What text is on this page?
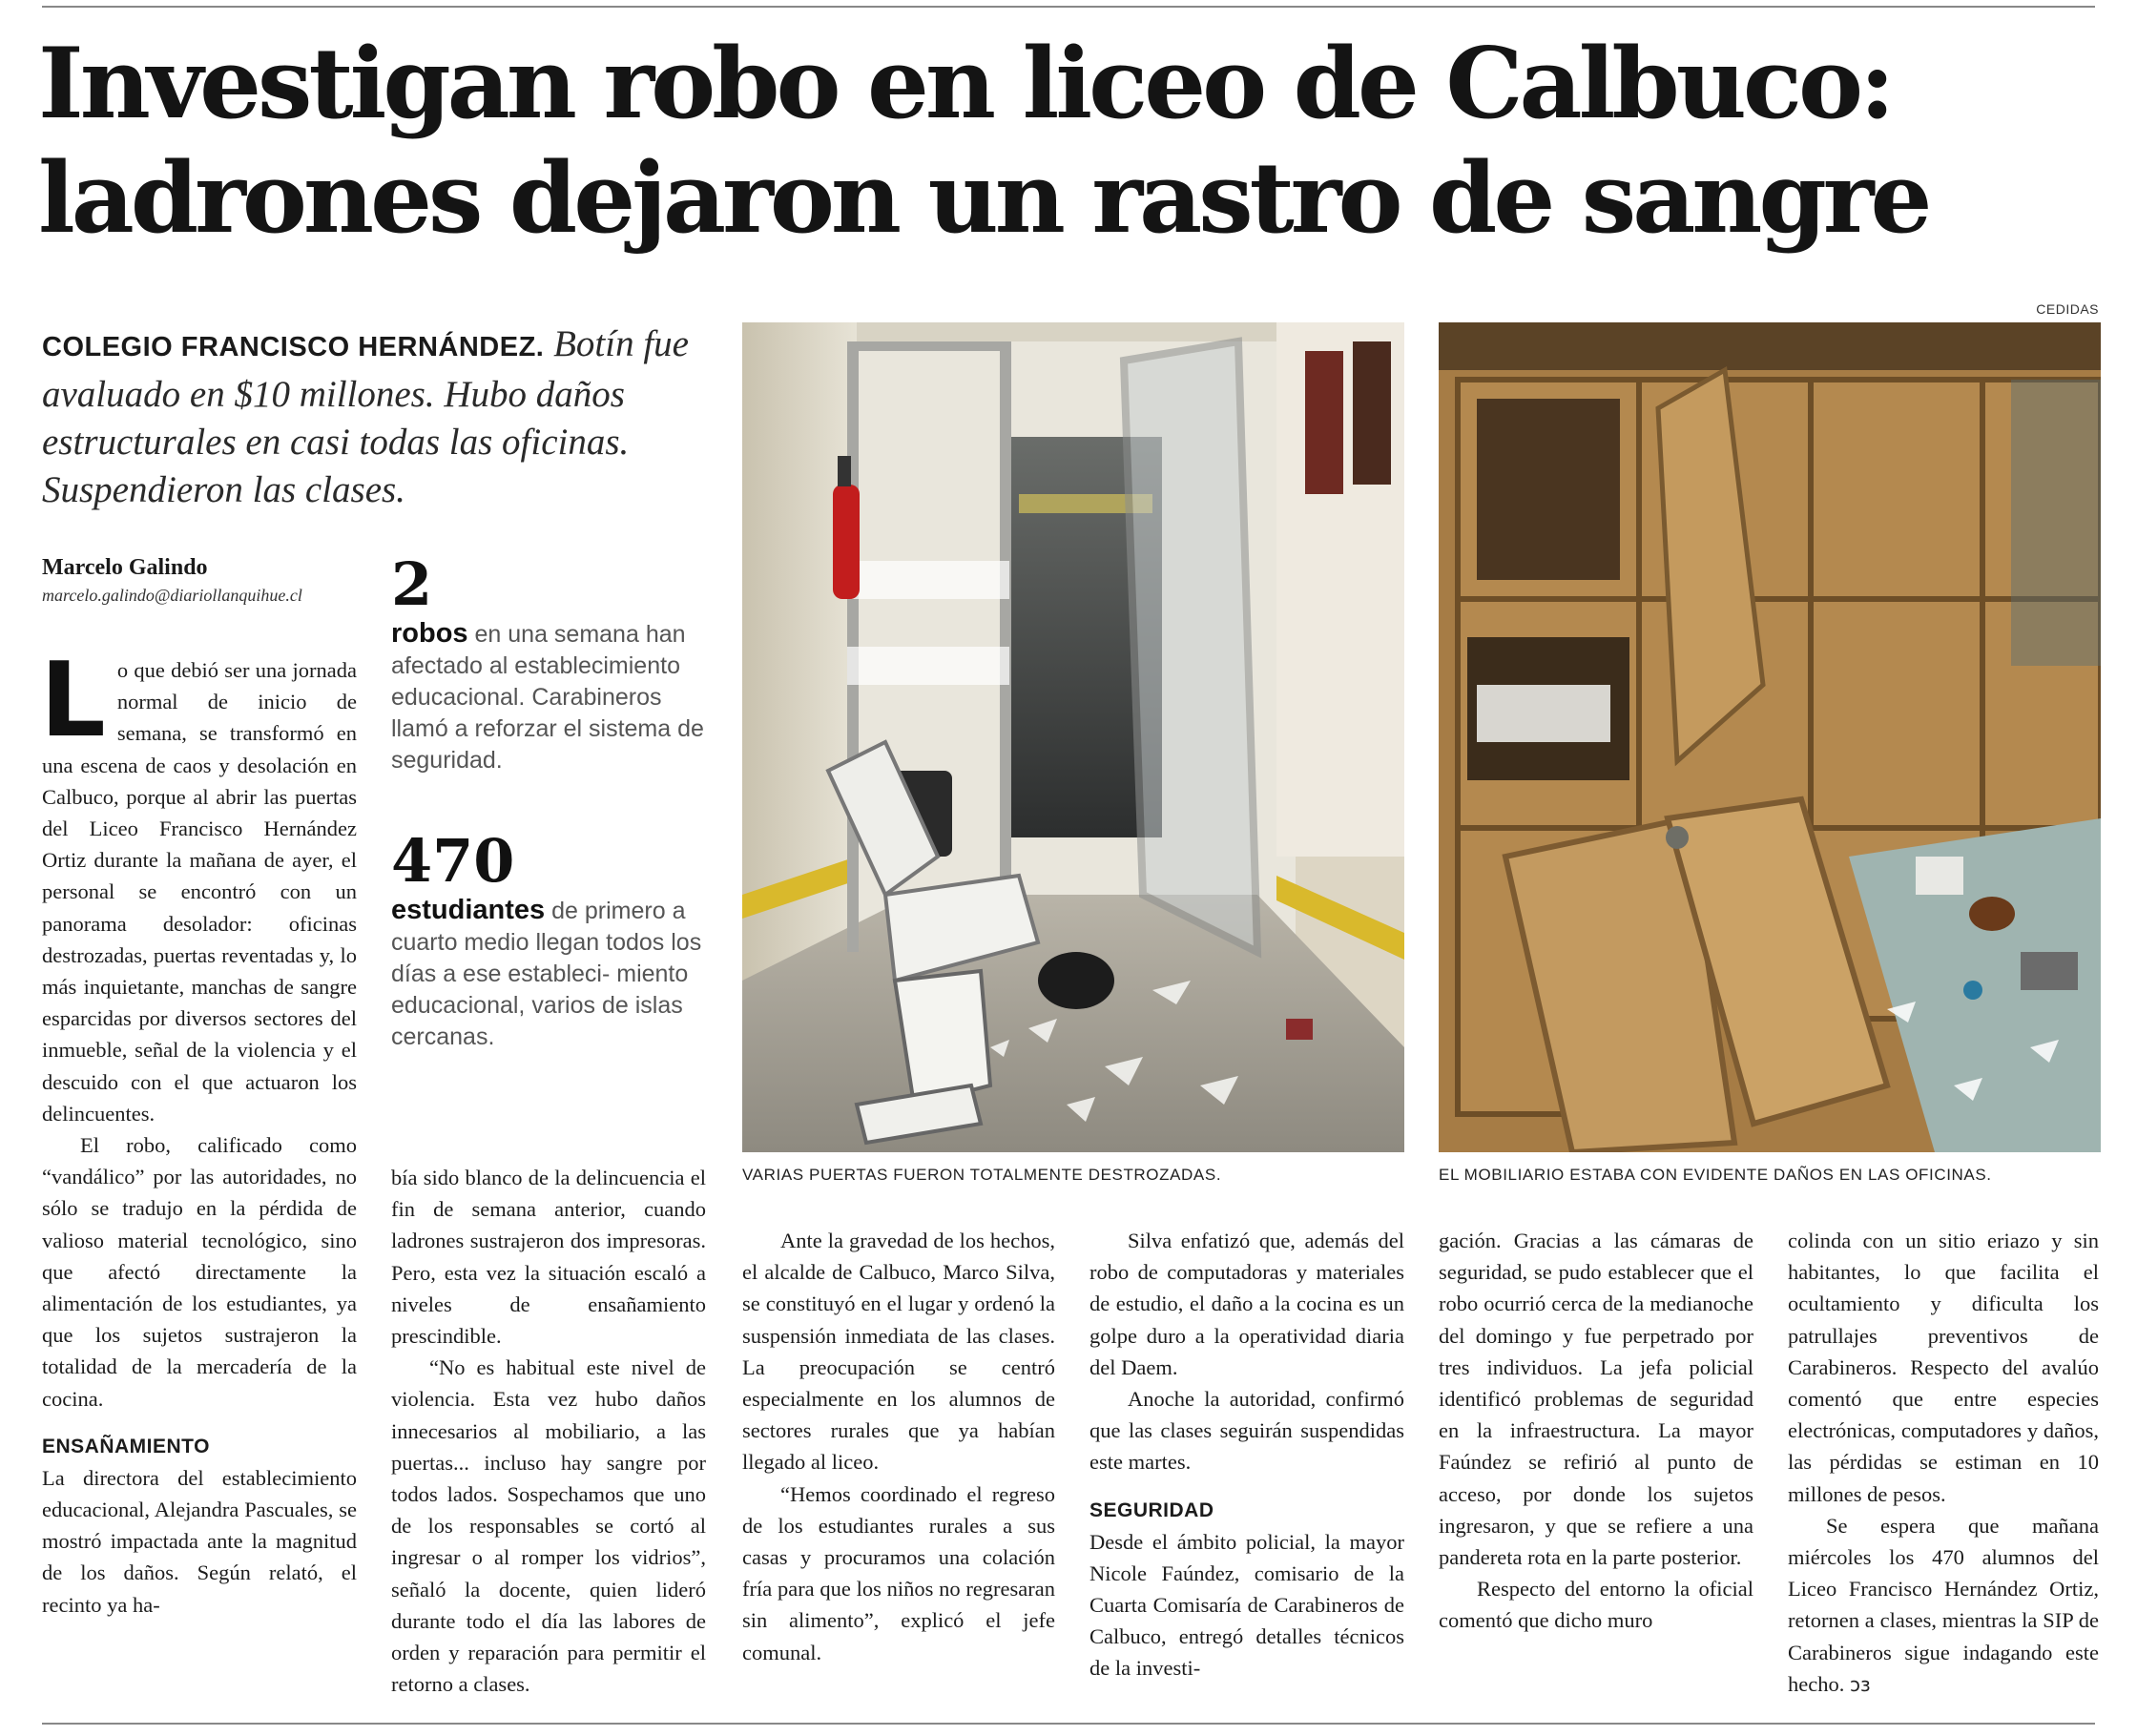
Investigan robo en liceo de Calbuco:
ladrones dejaron un rastro de sangre
CEDIDAS
COLEGIO FRANCISCO HERNÁNDEZ. Botín fue avaluado en $10 millones. Hubo daños estructurales en casi todas las oficinas. Suspendieron las clases.
Marcelo Galindo
marcelo.galindo@diariollanquihue.cl	2
robos en una semana han afectado al establecimiento educacional. Carabineros llamó a reforzar el sistema de seguridad.
470
estudiantes de primero a cuarto medio llegan todos los días a ese estableci- miento educacional, varios de islas cercanas.
VARIAS PUERTAS FUERON TOTALMENTE DESTROZADAS.	EL MOBILIARIO ESTABA CON EVIDENTE DAÑOS EN LAS OFICINAS.

Lo que debió ser una jornada normal de inicio de semana, se transformó en una escena de caos y desolación en Calbuco, porque al abrir las puertas del Liceo Francisco Hernández Ortiz durante la mañana de ayer, el personal se encontró con un panorama desolador: oficinas destrozadas, puertas reventadas y, lo más inquietante, manchas de sangre esparcidas por diversos sectores del inmueble, señal de la violencia y el descuido con el que actuaron los delincuentes.

El robo, calificado como “vandálico” por las autoridades, no sólo se tradujo en la pérdida de valioso material tecnológico, sino que afectó directamente la alimentación de los estudiantes, ya que los sujetos sustrajeron la totalidad de la mercadería de la cocina.

ENSAÑAMIENTO

La directora del establecimiento educacional, Alejandra Pascuales, se mostró impactada ante la magnitud de los daños. Según relató, el recinto ya ha-

bía sido blanco de la delincuencia el fin de semana anterior, cuando ladrones sustrajeron dos impresoras. Pero, esta vez la situación escaló a niveles de ensañamiento prescindible.

“No es habitual este nivel de violencia. Esta vez hubo daños innecesarios al mobiliario, a las puertas... incluso hay sangre por todos lados. Sospechamos que uno de los responsables se cortó al ingresar o al romper los vidrios”, señaló la docente, quien lideró durante todo el día las labores de orden y reparación para permitir el retorno a clases.

Ante la gravedad de los hechos, el alcalde de Calbuco, Marco Silva, se constituyó en el lugar y ordenó la suspensión inmediata de las clases. La preocupación se centró especialmente en los alumnos de sectores rurales que ya habían llegado al liceo.

“Hemos coordinado el regreso de los estudiantes rurales a sus casas y procuramos una colación fría para que los niños no regresaran sin alimento”, explicó el jefe comunal.

Silva enfatizó que, además del robo de computadoras y materiales de estudio, el daño a la cocina es un golpe duro a la operatividad diaria del Daem.

Anoche la autoridad, confirmó que las clases seguirán suspendidas este martes.

SEGURIDAD

Desde el ámbito policial, la mayor Nicole Faúndez, comisario de la Cuarta Comisaría de Carabineros de Calbuco, entregó detalles técnicos de la investi-

gación. Gracias a las cámaras de seguridad, se pudo establecer que el robo ocurrió cerca de la medianoche del domingo y fue perpetrado por tres individuos. La jefa policial identificó problemas de seguridad en la infraestructura. La mayor Faúndez se refirió al punto de acceso, por donde los sujetos ingresaron, y que se refiere a una pandereta rota en la parte posterior.

Respecto del entorno la oficial comentó que dicho muro

colinda con un sitio eriazo y sin habitantes, lo que facilita el ocultamiento y dificulta los patrullajes preventivos de Carabineros. Respecto del avalúo comentó que entre especies electrónicas, computadores y daños, las pérdidas se estiman en 10 millones de pesos.

Se espera que mañana miércoles los 470 alumnos del Liceo Francisco Hernández Ortiz, retornen a clases, mientras la SIP de Carabineros sigue indagando este hecho. ↄз
